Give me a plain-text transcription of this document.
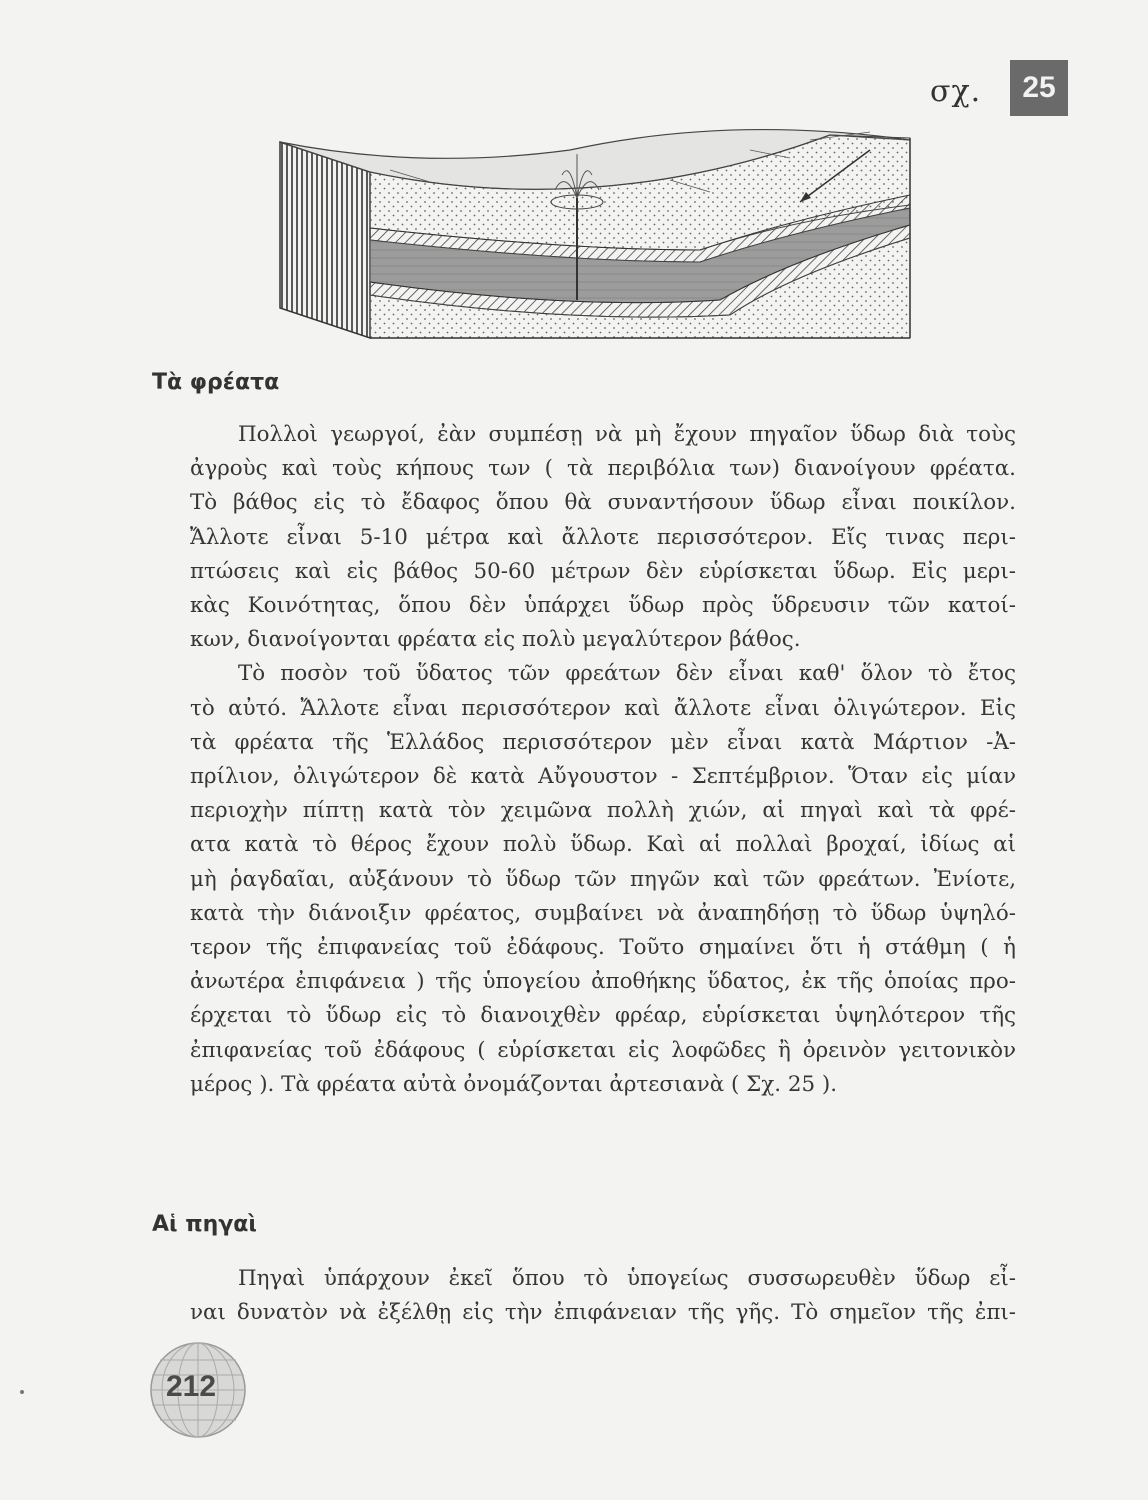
σχ.	25
Τὰ φρέατα
Πολλοὶ γεωργοί, ἐὰν συμπέσῃ νὰ μὴ ἔχουν πηγαῖον ὕδωρ διὰ τοὺς
ἀγροὺς καὶ τοὺς κήπους των ( τὰ περιβόλια των) διανοίγουν φρέατα.
Τὸ βάθος εἰς τὸ ἔδαφος ὅπου θὰ συναντήσουν ὕδωρ εἶναι ποικίλον.
Ἄλλοτε εἶναι 5-10 μέτρα καὶ ἄλλοτε περισσότερον. Εἴς τινας περι-
πτώσεις καὶ εἰς βάθος 50-60 μέτρων δὲν εὑρίσκεται ὕδωρ. Εἰς μερι-
κὰς Κοινότητας, ὅπου δὲν ὑπάρχει ὕδωρ πρὸς ὕδρευσιν τῶν κατοί-
κων, διανοίγονται φρέατα εἰς πολὺ μεγαλύτερον βάθος.
Τὸ ποσὸν τοῦ ὕδατος τῶν φρεάτων δὲν εἶναι καθ' ὅλον τὸ ἔτος
τὸ αὐτό. Ἄλλοτε εἶναι περισσότερον καὶ ἄλλοτε εἶναι ὀλιγώτερον. Εἰς
τὰ φρέατα τῆς Ἑλλάδος περισσότερον μὲν εἶναι κατὰ Μάρτιον -Ἀ-
πρίλιον, ὀλιγώτερον δὲ κατὰ Αὔγουστον - Σεπτέμβριον. Ὅταν εἰς μίαν
περιοχὴν πίπτῃ κατὰ τὸν χειμῶνα πολλὴ χιών, αἱ πηγαὶ καὶ τὰ φρέ-
ατα κατὰ τὸ θέρος ἔχουν πολὺ ὕδωρ. Καὶ αἱ πολλαὶ βροχαί, ἰδίως αἱ
μὴ ῥαγδαῖαι, αὐξάνουν τὸ ὕδωρ τῶν πηγῶν καὶ τῶν φρεάτων. Ἐνίοτε,
κατὰ τὴν διάνοιξιν φρέατος, συμβαίνει νὰ ἀναπηδήσῃ τὸ ὕδωρ ὑψηλό-
τερον τῆς ἐπιφανείας τοῦ ἐδάφους. Τοῦτο σημαίνει ὅτι ἡ στάθμη ( ἡ
ἀνωτέρα ἐπιφάνεια ) τῆς ὑπογείου ἀποθήκης ὕδατος, ἐκ τῆς ὁποίας προ-
έρχεται τὸ ὕδωρ εἰς τὸ διανοιχθὲν φρέαρ, εὑρίσκεται ὑψηλότερον τῆς
ἐπιφανείας τοῦ ἐδάφους ( εὑρίσκεται εἰς λοφῶδες ἢ ὀρεινὸν γειτονικὸν
μέρος ). Τὰ φρέατα αὐτὰ ὀνομάζονται ἀρτεσιανὰ ( Σχ. 25 ).
Αἱ πηγαὶ
Πηγαὶ ὑπάρχουν ἐκεῖ ὅπου τὸ ὑπογείως συσσωρευθὲν ὕδωρ εἶ-
ναι δυνατὸν νὰ ἐξέλθῃ εἰς τὴν ἐπιφάνειαν τῆς γῆς. Τὸ σημεῖον τῆς ἐπι-
212
